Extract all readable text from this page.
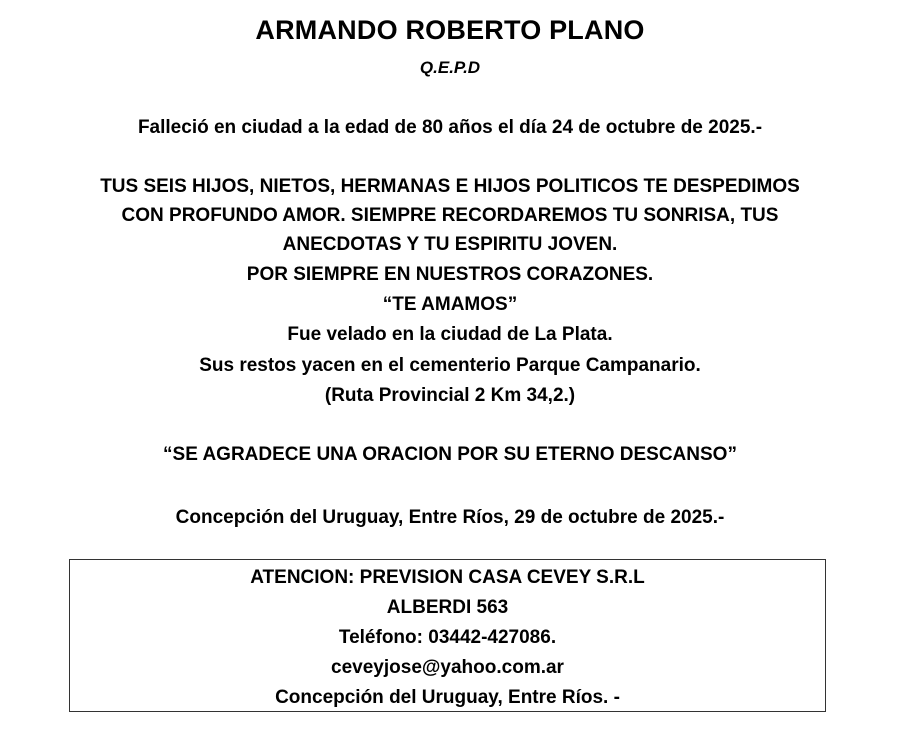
ARMANDO ROBERTO PLANO
Q.E.P.D
Falleció en ciudad a la edad de 80 años el día 24 de octubre de 2025.-
TUS SEIS HIJOS, NIETOS, HERMANAS E HIJOS POLITICOS TE DESPEDIMOS
CON PROFUNDO AMOR. SIEMPRE RECORDAREMOS TU SONRISA, TUS
ANECDOTAS Y TU ESPIRITU JOVEN.
POR SIEMPRE EN NUESTROS CORAZONES.
“TE AMAMOS”
Fue velado en la ciudad de La Plata.
Sus restos yacen en el cementerio Parque Campanario.
(Ruta Provincial 2 Km 34,2.)
“SE AGRADECE UNA ORACION POR SU ETERNO DESCANSO”
Concepción del Uruguay, Entre Ríos, 29 de octubre de 2025.-
ATENCION: PREVISION CASA CEVEY S.R.L
ALBERDI 563
Teléfono: 03442-427086.
ceveyjose@yahoo.com.ar
Concepción del Uruguay, Entre Ríos. -
